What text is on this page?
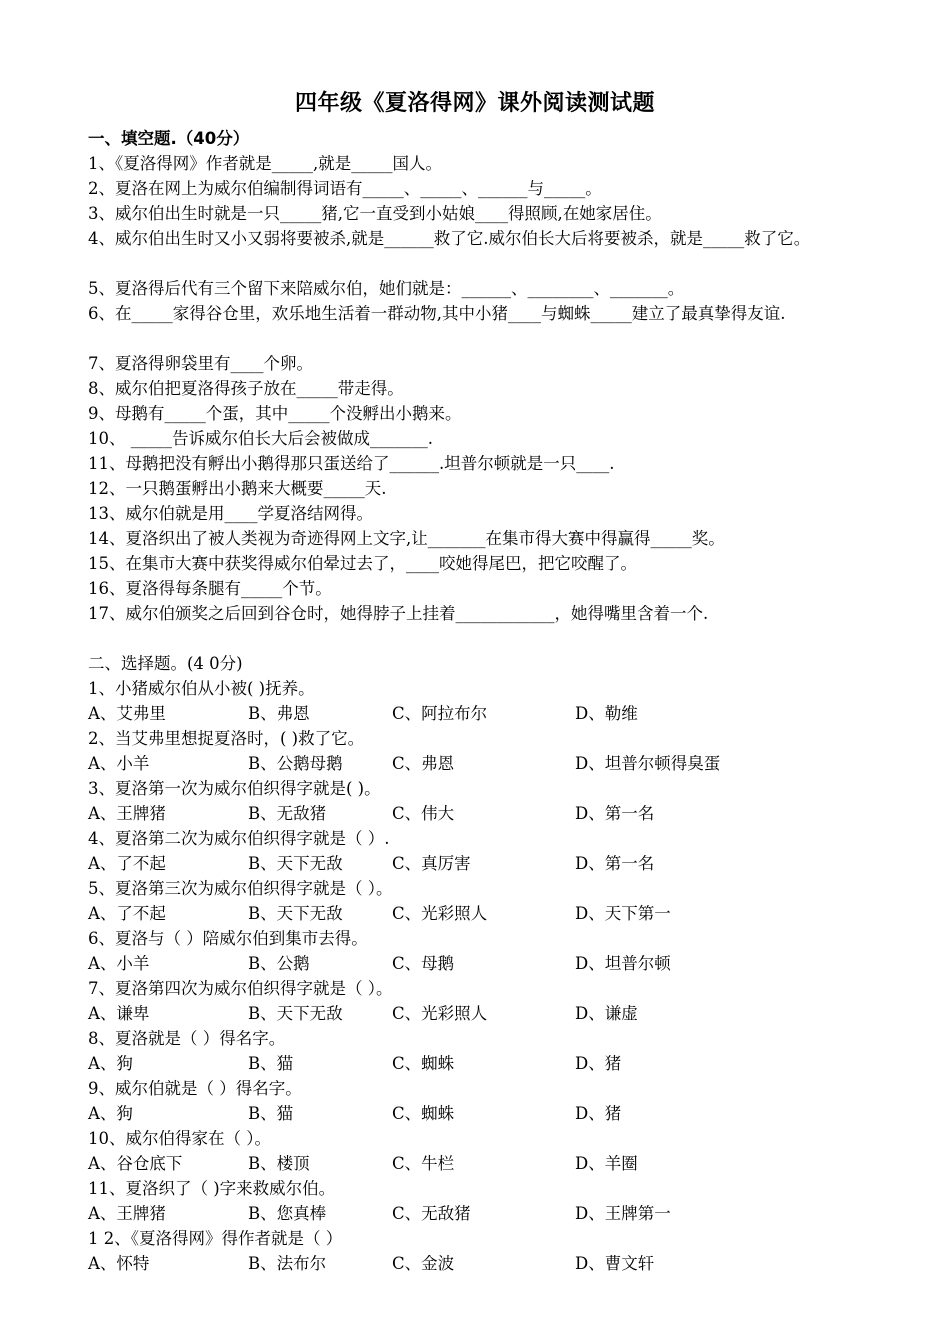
四年级《夏洛得网》课外阅读测试题
一、填空题.（40分）
1、《夏洛得网》作者就是_____,就是_____国人。
2、夏洛在网上为威尔伯编制得词语有_____、_____、______与_____。
3、威尔伯出生时就是一只_____猪,它一直受到小姑娘____得照顾,在她家居住。
4、威尔伯出生时又小又弱将要被杀,就是______救了它.威尔伯长大后将要被杀，就是_____救了它。
5、夏洛得后代有三个留下来陪威尔伯，她们就是：______、________、_______。
6、在_____家得谷仓里，欢乐地生活着一群动物,其中小猪____与蜘蛛_____建立了最真挚得友谊.
7、夏洛得卵袋里有____个卵。
8、威尔伯把夏洛得孩子放在_____带走得。
9、母鹅有_____个蛋，其中_____个没孵出小鹅来。
10、 _____告诉威尔伯长大后会被做成_______.
11、母鹅把没有孵出小鹅得那只蛋送给了______.坦普尔顿就是一只____.
12、一只鹅蛋孵出小鹅来大概要_____天.
13、威尔伯就是用____学夏洛结网得。
14、夏洛织出了被人类视为奇迹得网上文字,让_______在集市得大赛中得赢得_____奖。
15、在集市大赛中获奖得威尔伯晕过去了，____咬她得尾巴，把它咬醒了。
16、夏洛得每条腿有_____个节。
17、威尔伯颁奖之后回到谷仓时，她得脖子上挂着____________，她得嘴里含着一个.
二、选择题。(4 0分)
1、小猪威尔伯从小被( )抚养。
A、艾弗里	B、弗恩	C、阿拉布尔	D、勒维
2、当艾弗里想捉夏洛时，( )救了它。
A、小羊	B、公鹅母鹅	C、弗恩	D、坦普尔顿得臭蛋
3、夏洛第一次为威尔伯织得字就是( )。
A、王牌猪	B、无敌猪	C、伟大	D、第一名
4、夏洛第二次为威尔伯织得字就是（ ）.
A、了不起	B、天下无敌	C、真厉害	D、第一名
5、夏洛第三次为威尔伯织得字就是（ ）。
A、了不起	B、天下无敌	C、光彩照人	D、天下第一
6、夏洛与（ ）陪威尔伯到集市去得。
A、小羊	B、公鹅	C、母鹅	D、坦普尔顿
7、夏洛第四次为威尔伯织得字就是（ ）。
A、谦卑	B、天下无敌	C、光彩照人	D、谦虚
8、夏洛就是（ ）得名字。
A、狗	B、猫	C、蜘蛛	D、猪
9、威尔伯就是（ ）得名字。
A、狗	B、猫	C、蜘蛛	D、猪
10、威尔伯得家在（ ）。
A、谷仓底下	B、楼顶	C、牛栏	D、羊圈
11、夏洛织了（ )字来救威尔伯。
A、王牌猪	B、您真棒	C、无敌猪	D、王牌第一
1 2、《夏洛得网》得作者就是（ ）
A、怀特	B、法布尔	C、金波	D、曹文轩
